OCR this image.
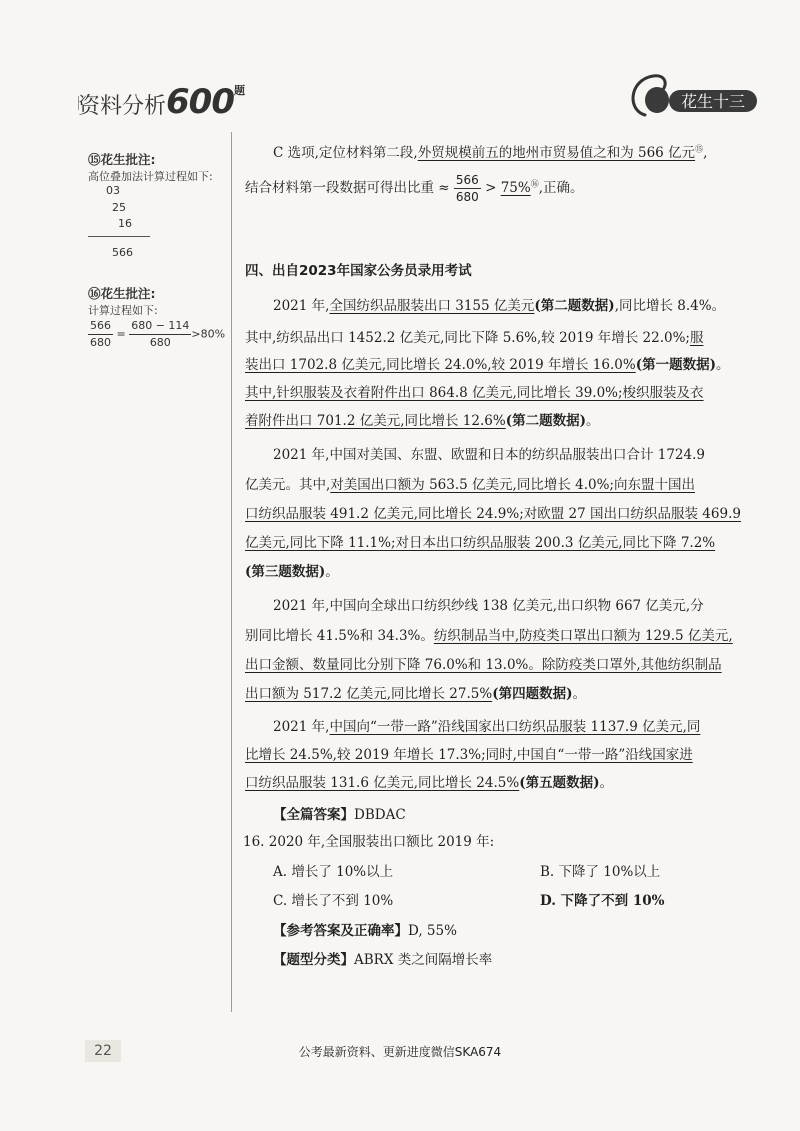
资料分析$600^题$
花生十三
⑮花生批注:
高位叠加法计算过程如下:
03
25
16
566
⑯花生批注:
计算过程如下:
$\frac{566}{680} = \frac{680 - 114}{680} >80\%$
C 选项,定位材料第二段,外贸规模前五的地州市贸易值之和为 566 亿元⑮,
结合材料第一段数据可得出比重 ≈ $\frac{566}{680} > 75\%^⑯$,正确。
四、出自2023年国家公务员录用考试
2021 年,全国纺织品服装出口 3155 亿美元(第二题数据),同比增长 8.4%。
其中,纺织品出口 1452.2 亿美元,同比下降 5.6%,较 2019 年增长 22.0%;服
装出口 1702.8 亿美元,同比增长 24.0%,较 2019 年增长 16.0%(第一题数据)。
其中,针织服装及衣着附件出口 864.8 亿美元,同比增长 39.0%;梭织服装及衣
着附件出口 701.2 亿美元,同比增长 12.6%(第二题数据)。
2021 年,中国对美国、东盟、欧盟和日本的纺织品服装出口合计 1724.9
亿美元。其中,对美国出口额为 563.5 亿美元,同比增长 4.0%;向东盟十国出
口纺织品服装 491.2 亿美元,同比增长 24.9%;对欧盟 27 国出口纺织品服装 469.9
亿美元,同比下降 11.1%;对日本出口纺织品服装 200.3 亿美元,同比下降 7.2%
(第三题数据)。
2021 年,中国向全球出口纺织纱线 138 亿美元,出口织物 667 亿美元,分
别同比增长 41.5%和 34.3%。纺织制品当中,防疫类口罩出口额为 129.5 亿美元,
出口金额、数量同比分别下降 76.0%和 13.0%。除防疫类口罩外,其他纺织制品
出口额为 517.2 亿美元,同比增长 27.5%(第四题数据)。
2021 年,中国向“一带一路”沿线国家出口纺织品服装 1137.9 亿美元,同
比增长 24.5%,较 2019 年增长 17.3%;同时,中国自“一带一路”沿线国家进
口纺织品服装 131.6 亿美元,同比增长 24.5%(第五题数据)。
【全篇答案】DBDAC
16. 2020 年,全国服装出口额比 2019 年:
A. 增长了 10%以上	B. 下降了 10%以上
C. 增长了不到 10%	D. 下降了不到 10%
【参考答案及正确率】D, 55%
【题型分类】ABRX 类之间隔增长率
22	公考最新资料、更新进度微信SKA674
